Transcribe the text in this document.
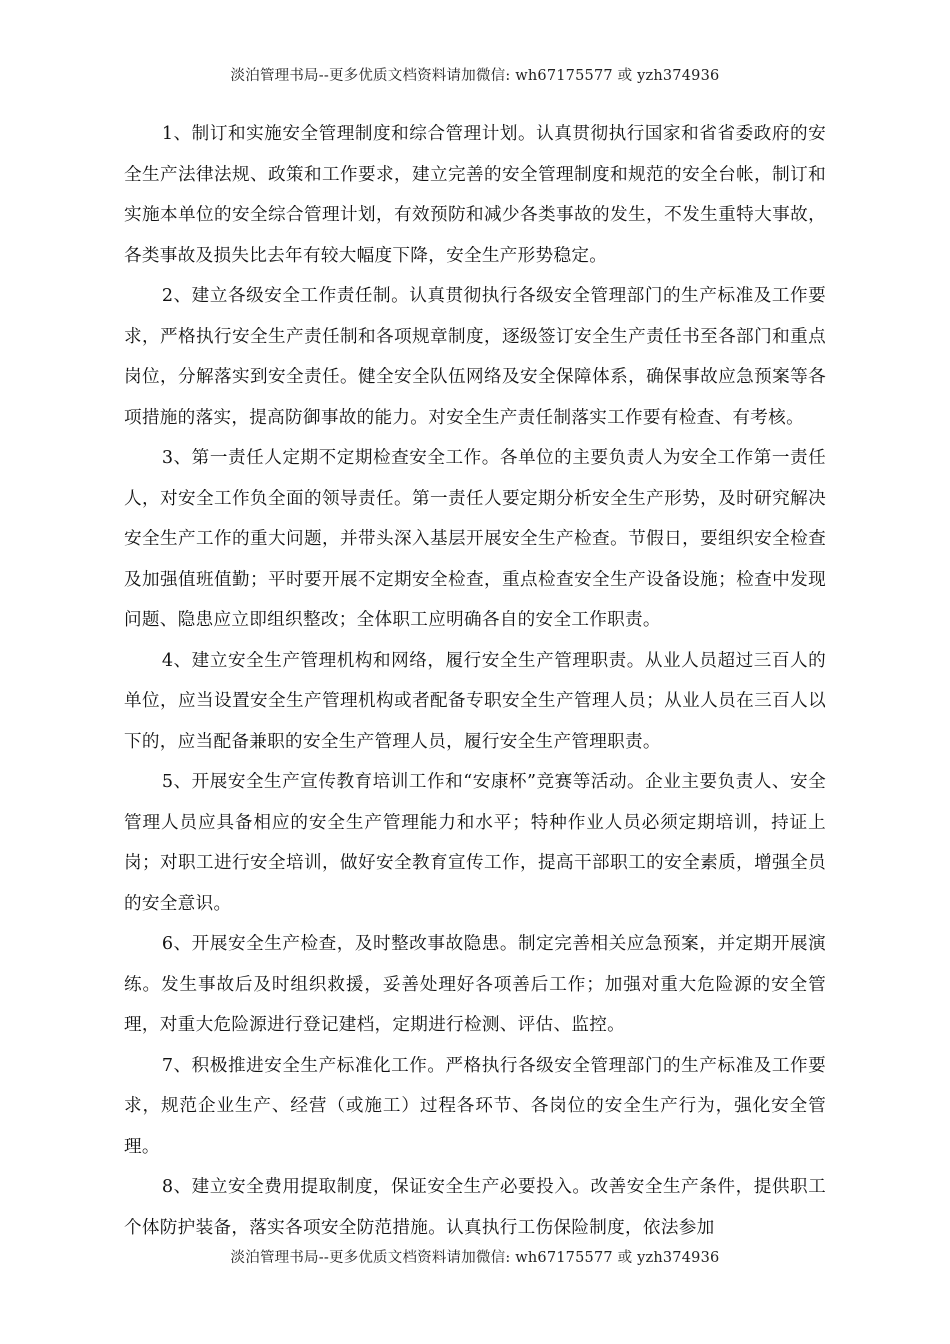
淡泊管理书局--更多优质文档资料请加微信: wh67175577 或 yzh374936

1、制订和实施安全管理制度和综合管理计划。认真贯彻执行国家和省省委政府的安全生产法律法规、政策和工作要求，建立完善的安全管理制度和规范的安全台帐，制订和实施本单位的安全综合管理计划，有效预防和减少各类事故的发生，不发生重特大事故，各类事故及损失比去年有较大幅度下降，安全生产形势稳定。

2、建立各级安全工作责任制。认真贯彻执行各级安全管理部门的生产标准及工作要求，严格执行安全生产责任制和各项规章制度，逐级签订安全生产责任书至各部门和重点岗位，分解落实到安全责任。健全安全队伍网络及安全保障体系，确保事故应急预案等各项措施的落实，提高防御事故的能力。对安全生产责任制落实工作要有检查、有考核。

3、第一责任人定期不定期检查安全工作。各单位的主要负责人为安全工作第一责任人，对安全工作负全面的领导责任。第一责任人要定期分析安全生产形势，及时研究解决安全生产工作的重大问题，并带头深入基层开展安全生产检查。节假日，要组织安全检查及加强值班值勤；平时要开展不定期安全检查，重点检查安全生产设备设施；检查中发现问题、隐患应立即组织整改；全体职工应明确各自的安全工作职责。

4、建立安全生产管理机构和网络，履行安全生产管理职责。从业人员超过三百人的单位，应当设置安全生产管理机构或者配备专职安全生产管理人员；从业人员在三百人以下的，应当配备兼职的安全生产管理人员，履行安全生产管理职责。

5、开展安全生产宣传教育培训工作和“安康杯”竞赛等活动。企业主要负责人、安全管理人员应具备相应的安全生产管理能力和水平；特种作业人员必须定期培训，持证上岗；对职工进行安全培训，做好安全教育宣传工作，提高干部职工的安全素质，增强全员的安全意识。

6、开展安全生产检查，及时整改事故隐患。制定完善相关应急预案，并定期开展演练。发生事故后及时组织救援，妥善处理好各项善后工作；加强对重大危险源的安全管理，对重大危险源进行登记建档，定期进行检测、评估、监控。

7、积极推进安全生产标准化工作。严格执行各级安全管理部门的生产标准及工作要求，规范企业生产、经营（或施工）过程各环节、各岗位的安全生产行为，强化安全管理。

8、建立安全费用提取制度，保证安全生产必要投入。改善安全生产条件，提供职工个体防护装备，落实各项安全防范措施。认真执行工伤保险制度，依法参加

淡泊管理书局--更多优质文档资料请加微信: wh67175577 或 yzh374936
